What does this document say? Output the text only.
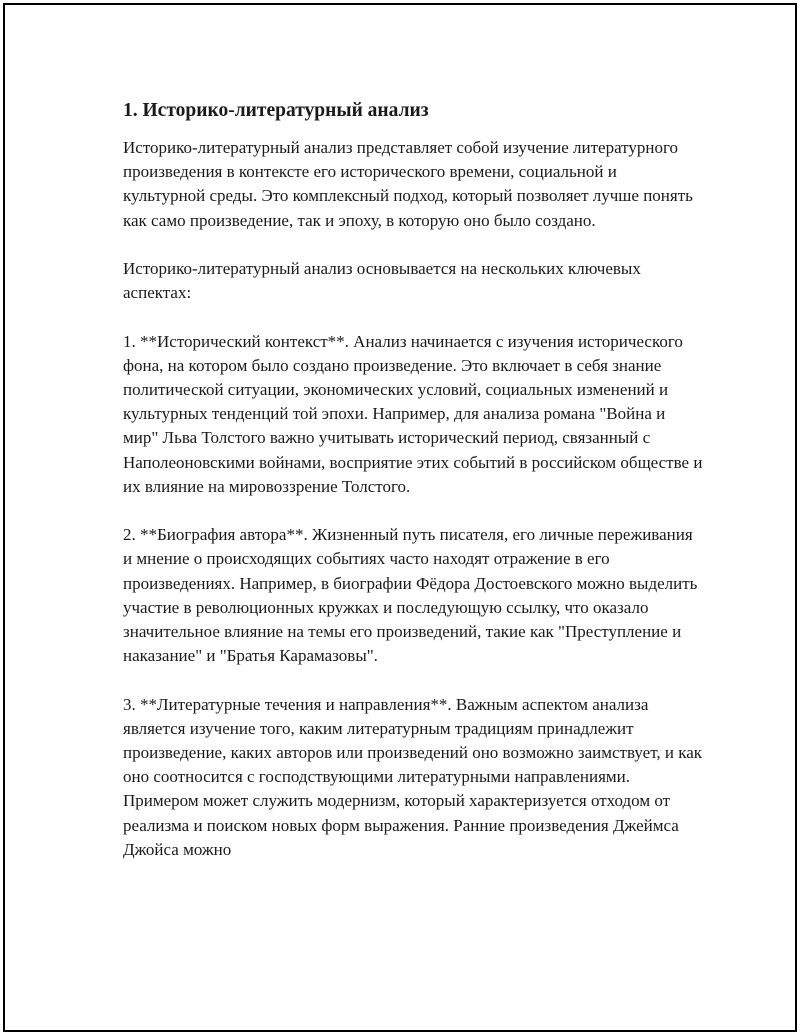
1. Историко-литературный анализ

Историко-литературный анализ представляет собой изучение литературного произведения в контексте его исторического времени, социальной и культурной среды. Это комплексный подход, который позволяет лучше понять как само произведение, так и эпоху, в которую оно было создано.

Историко-литературный анализ основывается на нескольких ключевых аспектах:

1. **Исторический контекст**. Анализ начинается с изучения исторического фона, на котором было создано произведение. Это включает в себя знание политической ситуации, экономических условий, социальных изменений и культурных тенденций той эпохи. Например, для анализа романа "Война и мир" Льва Толстого важно учитывать исторический период, связанный с Наполеоновскими войнами, восприятие этих событий в российском обществе и их влияние на мировоззрение Толстого.

2. **Биография автора**. Жизненный путь писателя, его личные переживания и мнение о происходящих событиях часто находят отражение в его произведениях. Например, в биографии Фёдора Достоевского можно выделить участие в революционных кружках и последующую ссылку, что оказало значительное влияние на темы его произведений, такие как "Преступление и наказание" и "Братья Карамазовы".

3. **Литературные течения и направления**. Важным аспектом анализа является изучение того, каким литературным традициям принадлежит произведение, каких авторов или произведений оно возможно заимствует, и как оно соотносится с господствующими литературными направлениями. Примером может служить модернизм, который характеризуется отходом от реализма и поиском новых форм выражения. Ранние произведения Джеймса Джойса можно
